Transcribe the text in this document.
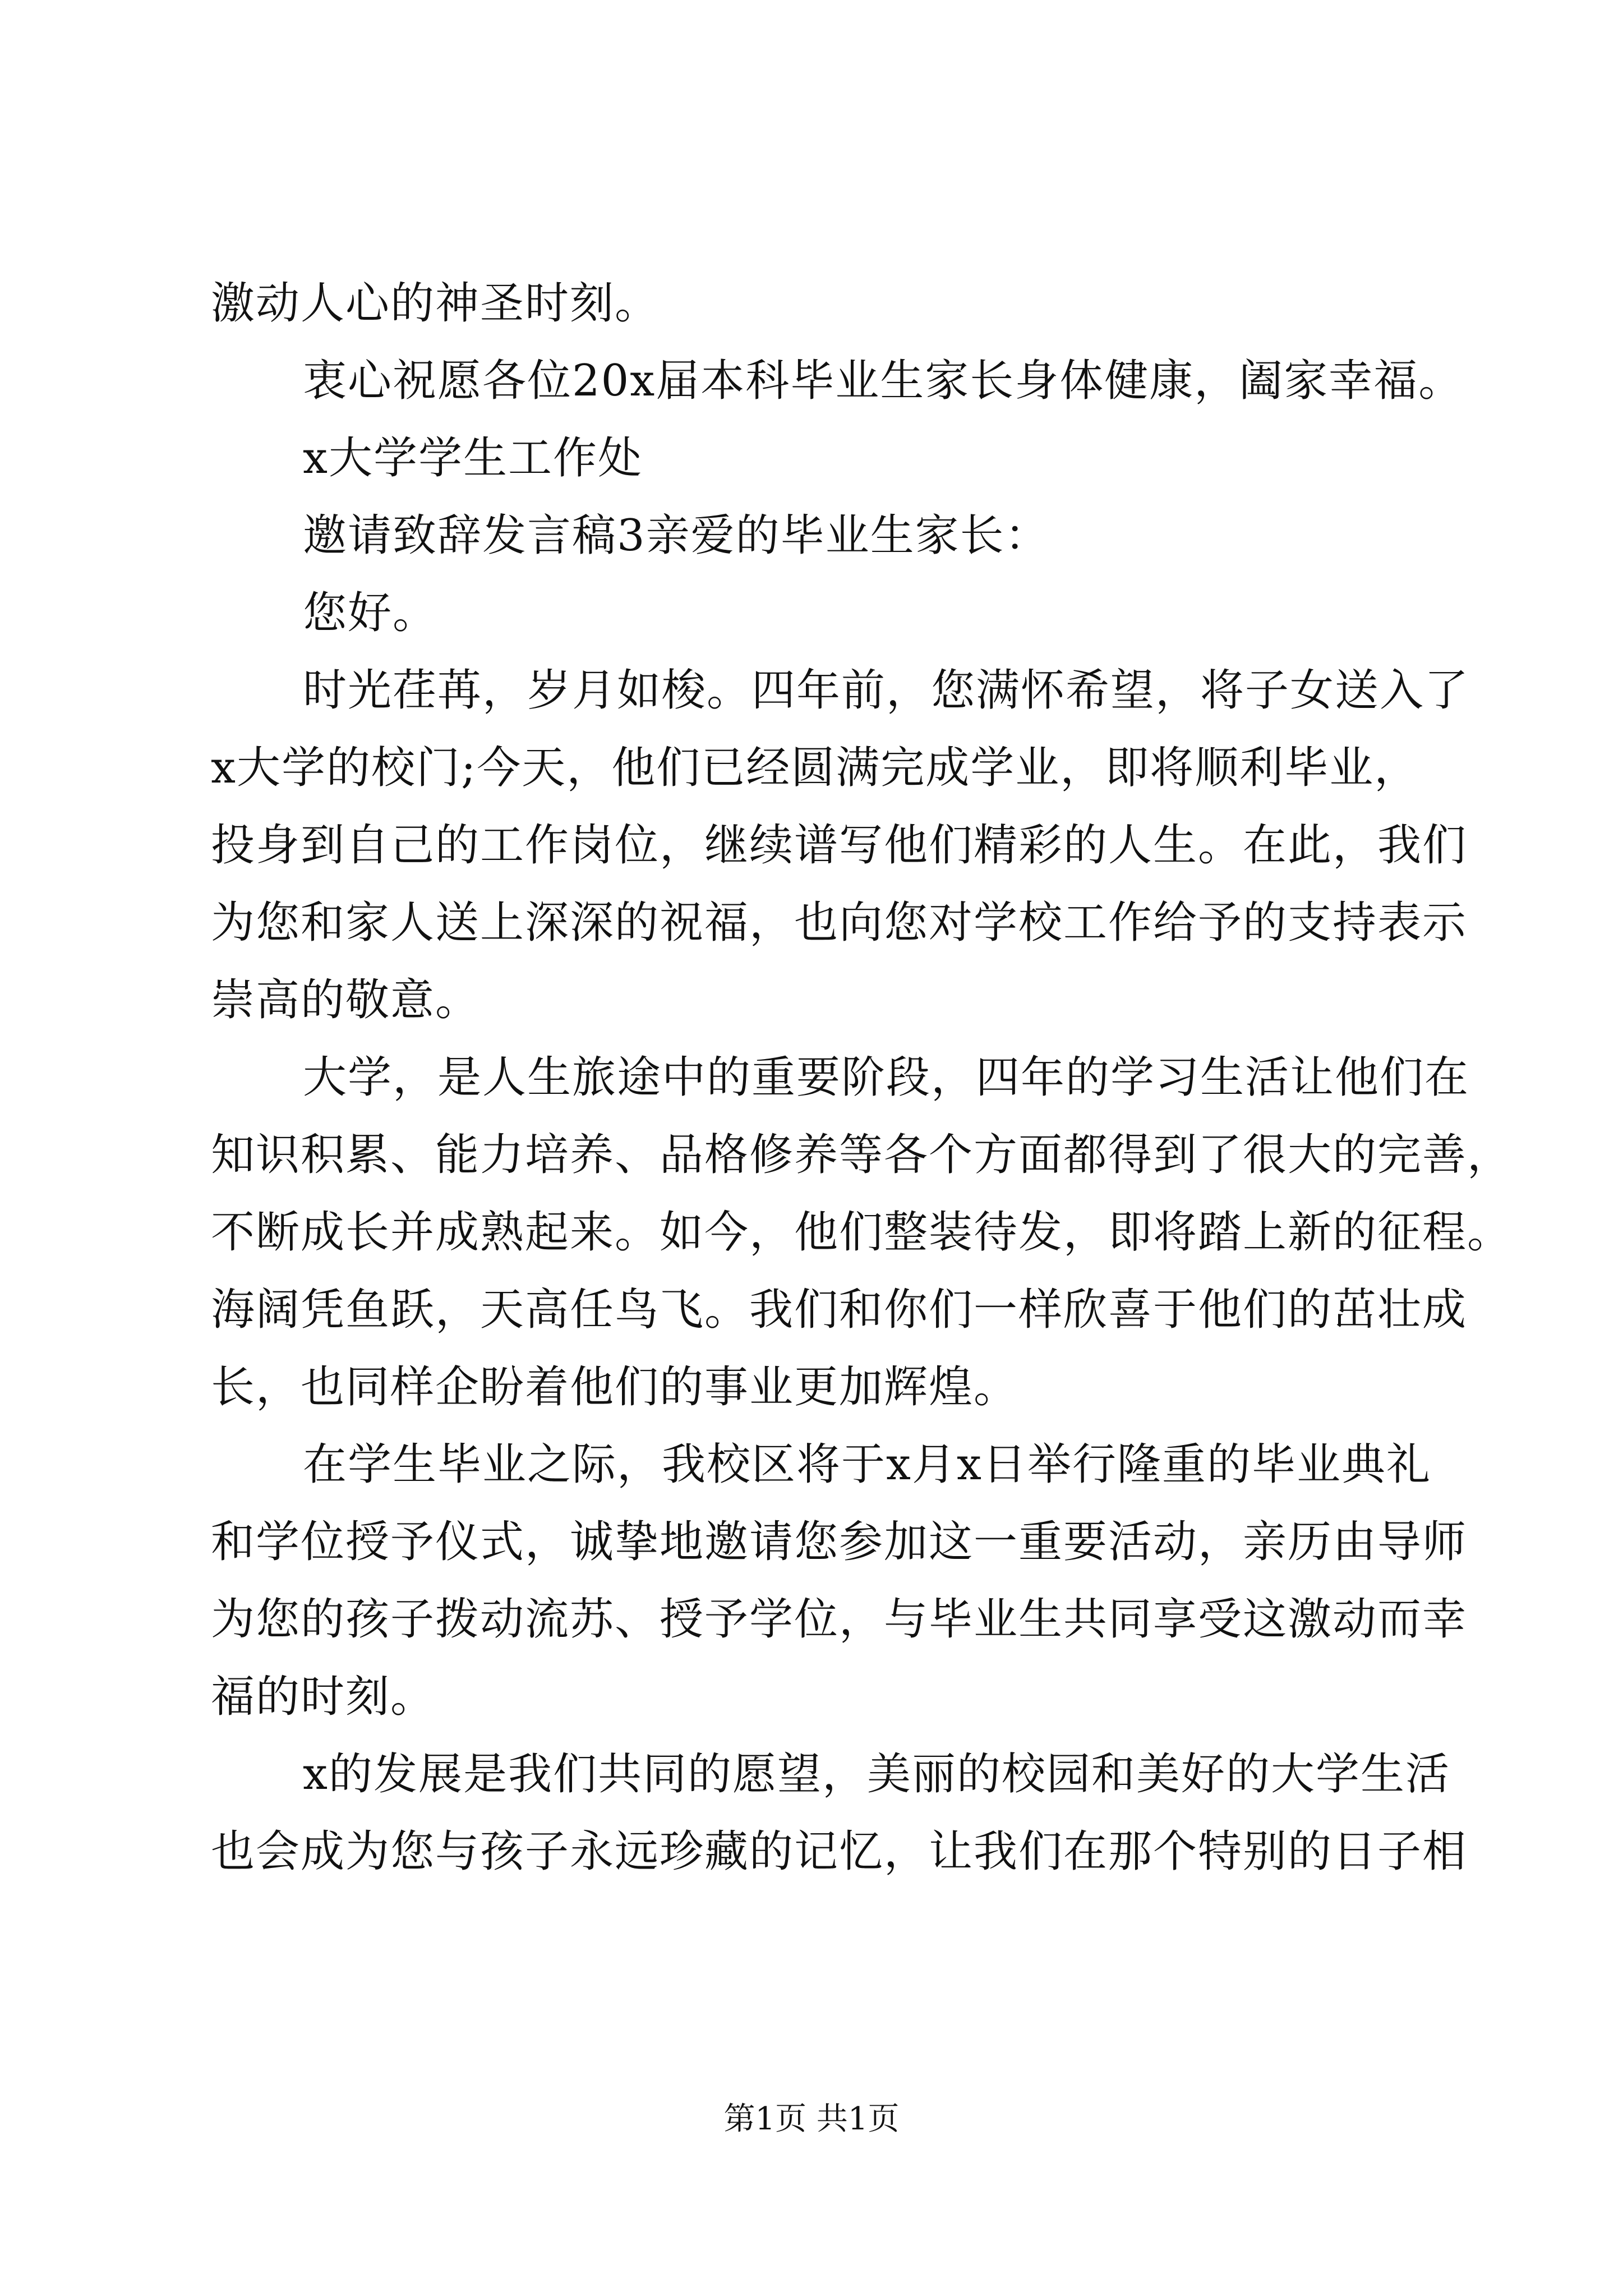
激动人心的神圣时刻。
衷心祝愿各位20x届本科毕业生家长身体健康，阖家幸福。
x大学学生工作处
邀请致辞发言稿3亲爱的毕业生家长：
您好。
时光荏苒，岁月如梭。四年前，您满怀希望，将子女送入了
x大学的校门;今天，他们已经圆满完成学业，即将顺利毕业，
投身到自己的工作岗位，继续谱写他们精彩的人生。在此，我们
为您和家人送上深深的祝福，也向您对学校工作给予的支持表示
崇高的敬意。
大学，是人生旅途中的重要阶段，四年的学习生活让他们在
知识积累、能力培养、品格修养等各个方面都得到了很大的完善，
不断成长并成熟起来。如今，他们整装待发，即将踏上新的征程。
海阔凭鱼跃，天高任鸟飞。我们和你们一样欣喜于他们的茁壮成
长，也同样企盼着他们的事业更加辉煌。
在学生毕业之际，我校区将于x月x日举行隆重的毕业典礼
和学位授予仪式，诚挚地邀请您参加这一重要活动，亲历由导师
为您的孩子拨动流苏、授予学位，与毕业生共同享受这激动而幸
福的时刻。
x的发展是我们共同的愿望，美丽的校园和美好的大学生活
也会成为您与孩子永远珍藏的记忆，让我们在那个特别的日子相
第1页 共1页
